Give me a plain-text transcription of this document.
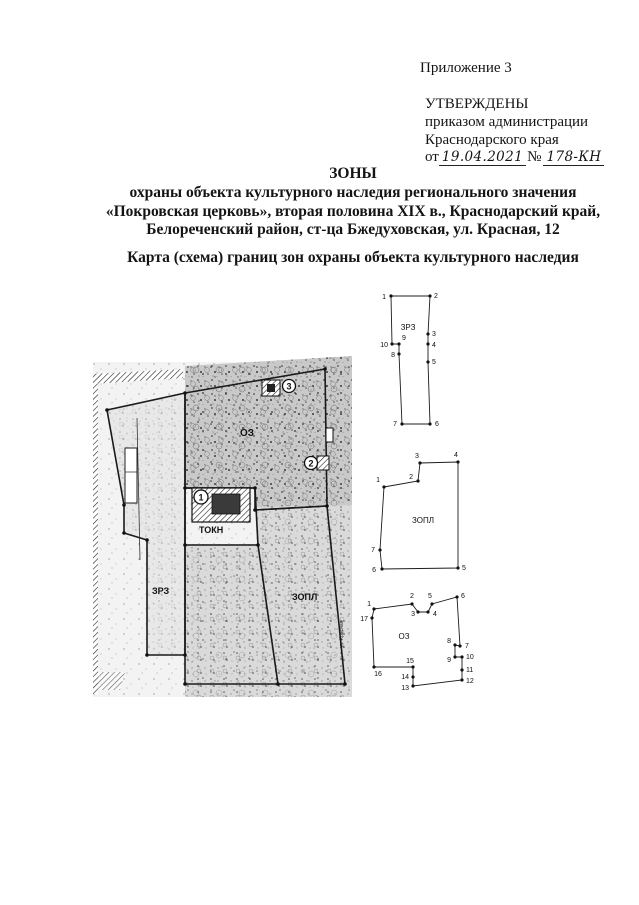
Приложение 3
УТВЕРЖДЕНЫ
приказом администрации
Краснодарского края
от 19.04.2021 № 178-КН
ЗОНЫ
охраны объекта культурного наследия регионального значения
«Покровская церковь», вторая половина XIX в., Краснодарский край,
Белореченский район, ст-ца Бжедуховская, ул. Красная, 12
Карта (схема) границ зон охраны объекта культурного наследия
ул. Красная
3
2
1
ОЗ
ТОКН
ЗРЗ
ЗОПЛ
1	2
3
4
5
6
7
8
9
10
ЗРЗ
1	2
3	4
5
6
7
ЗОПЛ
1
2
3	4
5	6
7
8
9 10
11
12
13
14
15
16
17
ОЗ
